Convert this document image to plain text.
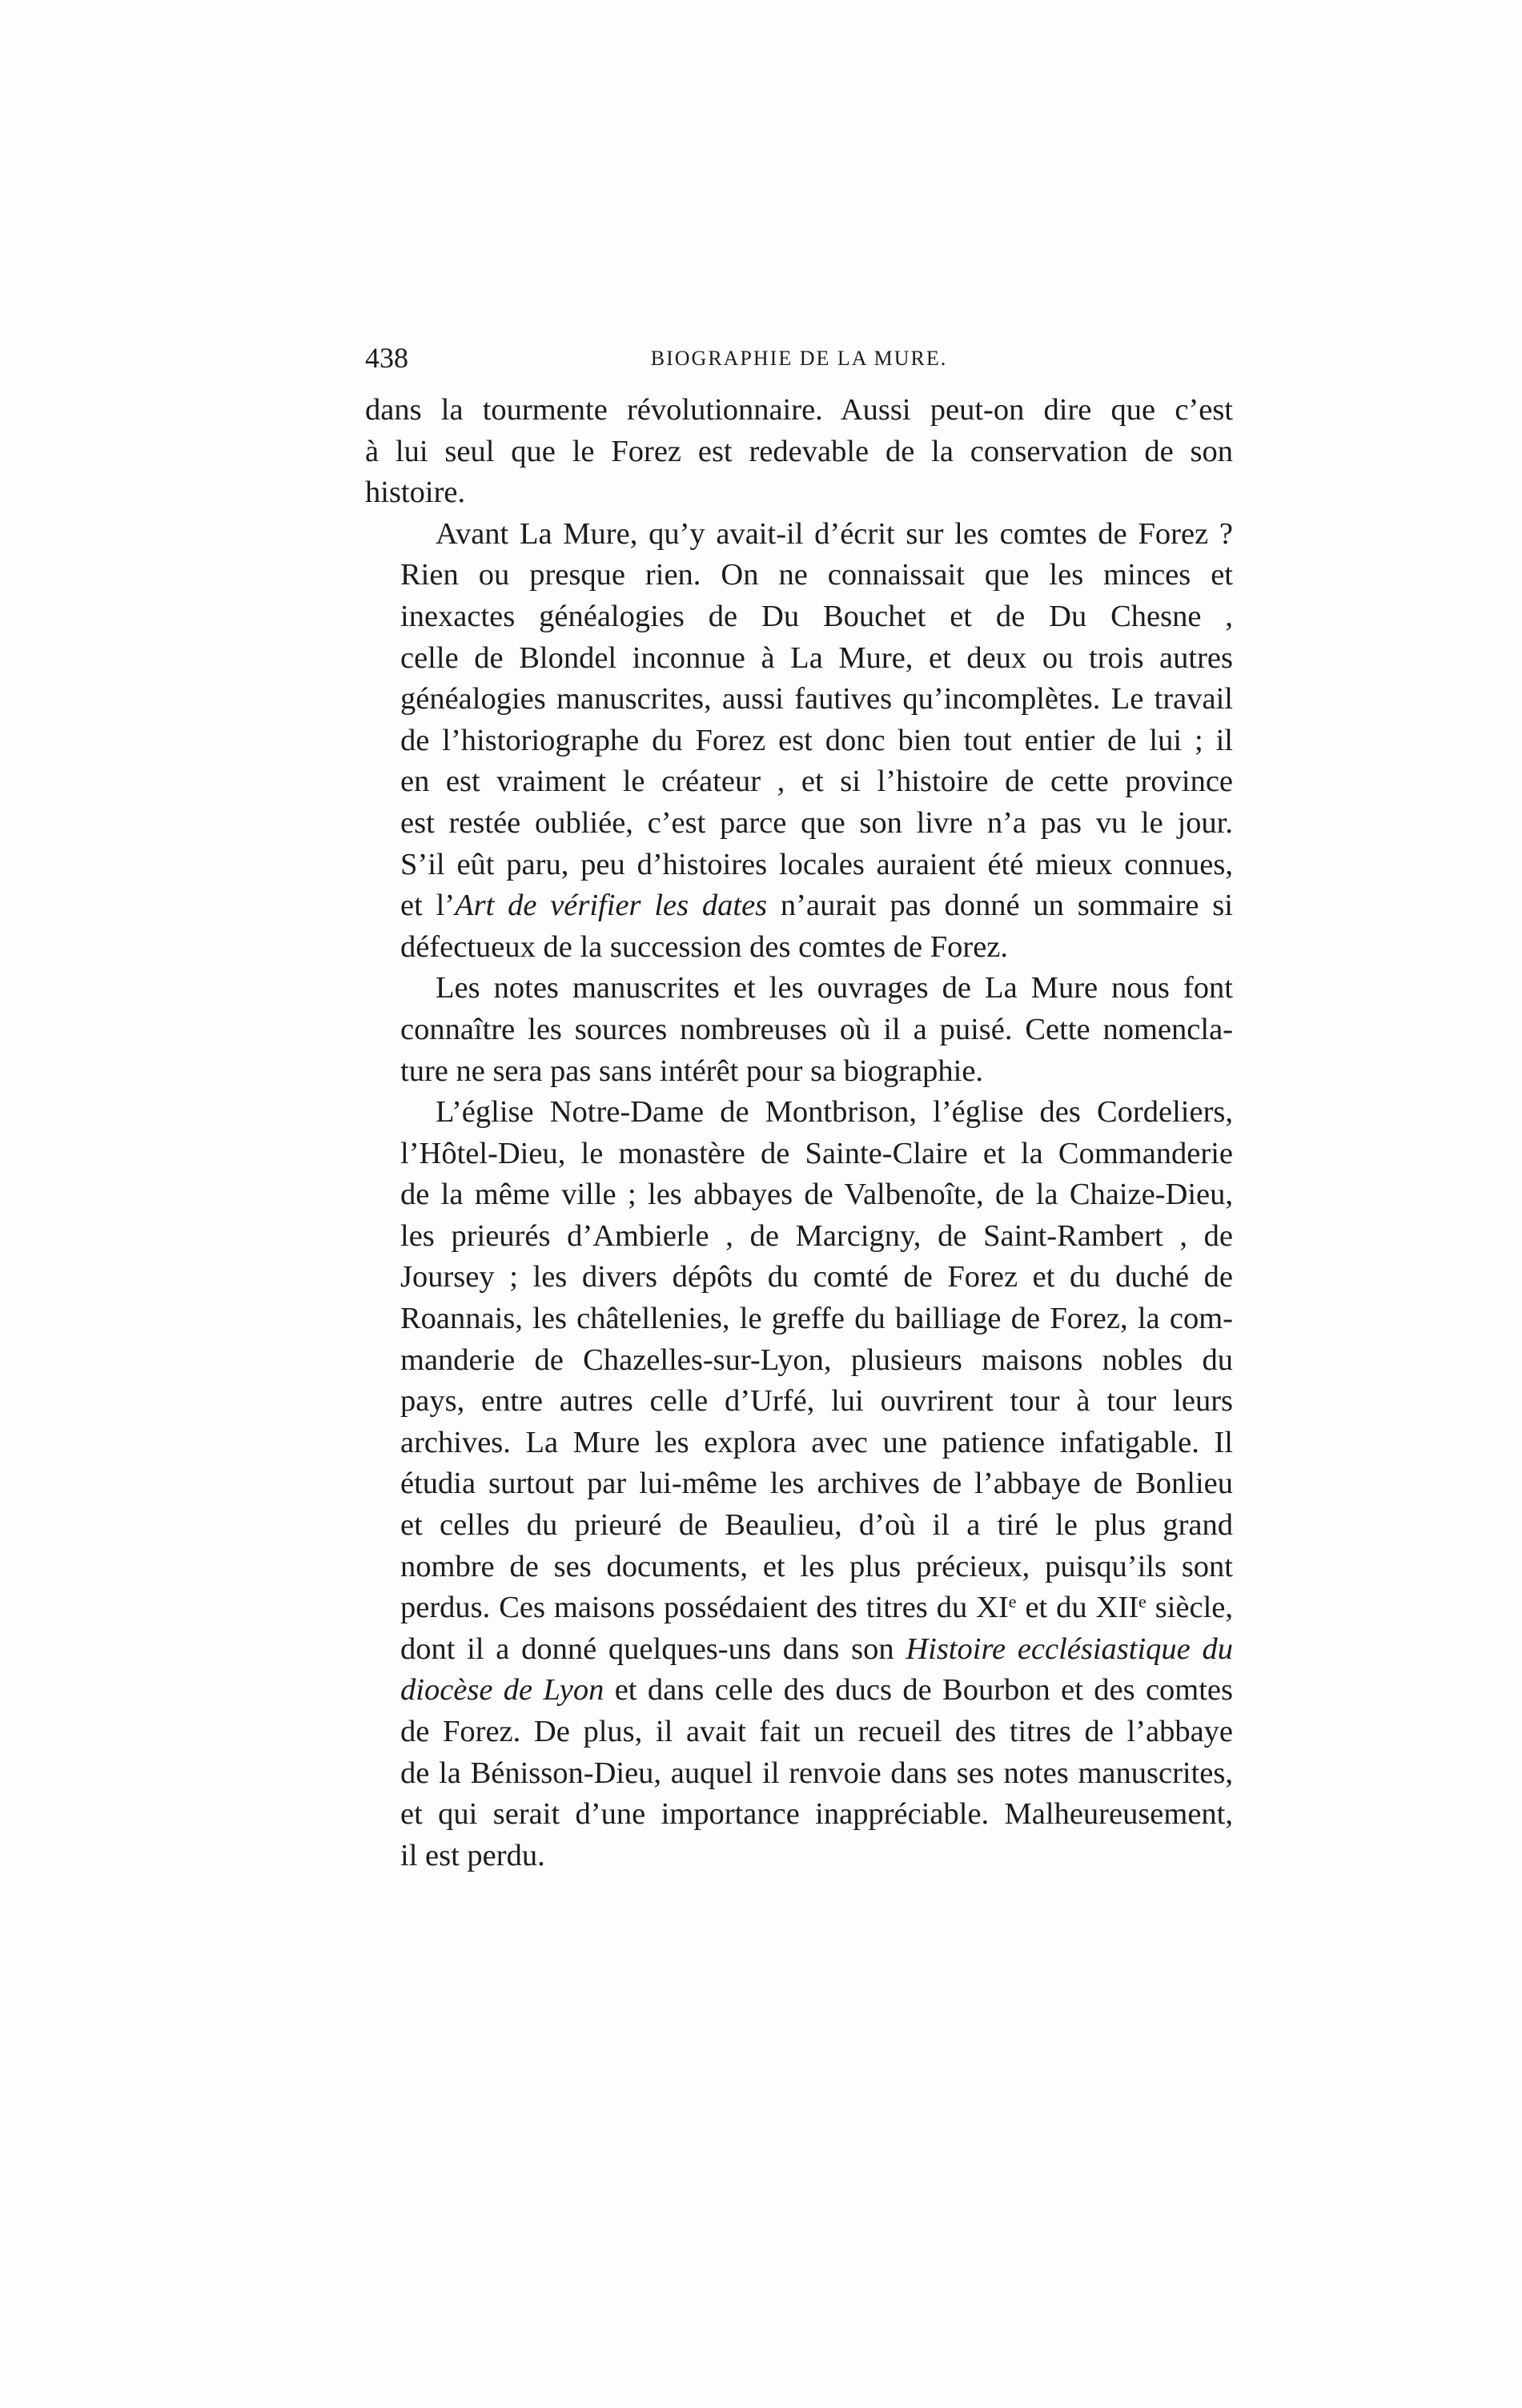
438	BIOGRAPHIE DE LA MURE.

dans la tourmente révolutionnaire. Aussi peut-on dire que c’est
à lui seul que le Forez est redevable de la conservation de son
histoire.

Avant La Mure, qu’y avait-il d’écrit sur les comtes de Forez ?
Rien ou presque rien. On ne connaissait que les minces et
inexactes généalogies de Du Bouchet et de Du Chesne ,
celle de Blondel inconnue à La Mure, et deux ou trois autres
généalogies manuscrites, aussi fautives qu’incomplètes. Le travail
de l’historiographe du Forez est donc bien tout entier de lui ; il
en est vraiment le créateur , et si l’histoire de cette province
est restée oubliée, c’est parce que son livre n’a pas vu le jour.
S’il eût paru, peu d’histoires locales auraient été mieux connues,
et l’Art de vérifier les dates n’aurait pas donné un sommaire si
défectueux de la succession des comtes de Forez.

Les notes manuscrites et les ouvrages de La Mure nous font
connaître les sources nombreuses où il a puisé. Cette nomencla-
ture ne sera pas sans intérêt pour sa biographie.

L’église Notre-Dame de Montbrison, l’église des Cordeliers,
l’Hôtel-Dieu, le monastère de Sainte-Claire et la Commanderie
de la même ville ; les abbayes de Valbenoîte, de la Chaize-Dieu,
les prieurés d’Ambierle , de Marcigny, de Saint-Rambert , de
Joursey ; les divers dépôts du comté de Forez et du duché de
Roannais, les châtellenies, le greffe du bailliage de Forez, la com-
manderie de Chazelles-sur-Lyon, plusieurs maisons nobles du
pays, entre autres celle d’Urfé, lui ouvrirent tour à tour leurs
archives. La Mure les explora avec une patience infatigable. Il
étudia surtout par lui-même les archives de l’abbaye de Bonlieu
et celles du prieuré de Beaulieu, d’où il a tiré le plus grand
nombre de ses documents, et les plus précieux, puisqu’ils sont
perdus. Ces maisons possédaient des titres du XIe et du XIIe siècle,
dont il a donné quelques-uns dans son Histoire ecclésiastique du
diocèse de Lyon et dans celle des ducs de Bourbon et des comtes
de Forez. De plus, il avait fait un recueil des titres de l’abbaye
de la Bénisson-Dieu, auquel il renvoie dans ses notes manuscrites,
et qui serait d’une importance inappréciable. Malheureusement,
il est perdu.
